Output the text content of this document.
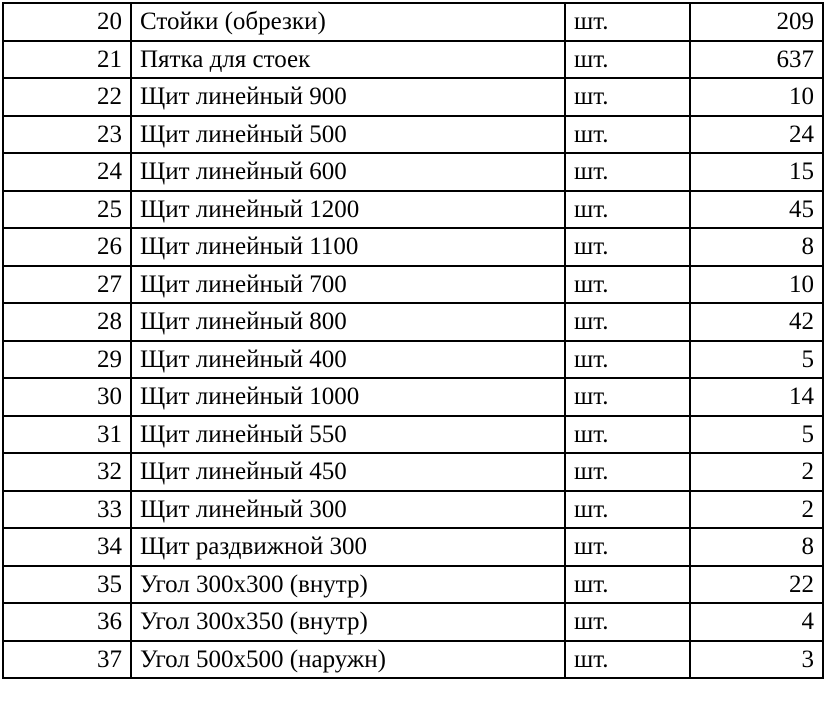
20	Стойки (обрезки)	шт.	209
21	Пятка для стоек	шт.	637
22	Щит линейный 900	шт.	10
23	Щит линейный 500	шт.	24
24	Щит линейный 600	шт.	15
25	Щит линейный 1200	шт.	45
26	Щит линейный 1100	шт.	8
27	Щит линейный 700	шт.	10
28	Щит линейный 800	шт.	42
29	Щит линейный 400	шт.	5
30	Щит линейный 1000	шт.	14
31	Щит линейный 550	шт.	5
32	Щит линейный 450	шт.	2
33	Щит линейный 300	шт.	2
34	Щит раздвижной 300	шт.	8
35	Угол 300х300 (внутр)	шт.	22
36	Угол 300х350 (внутр)	шт.	4
37	Угол 500х500 (наружн)	шт.	3
